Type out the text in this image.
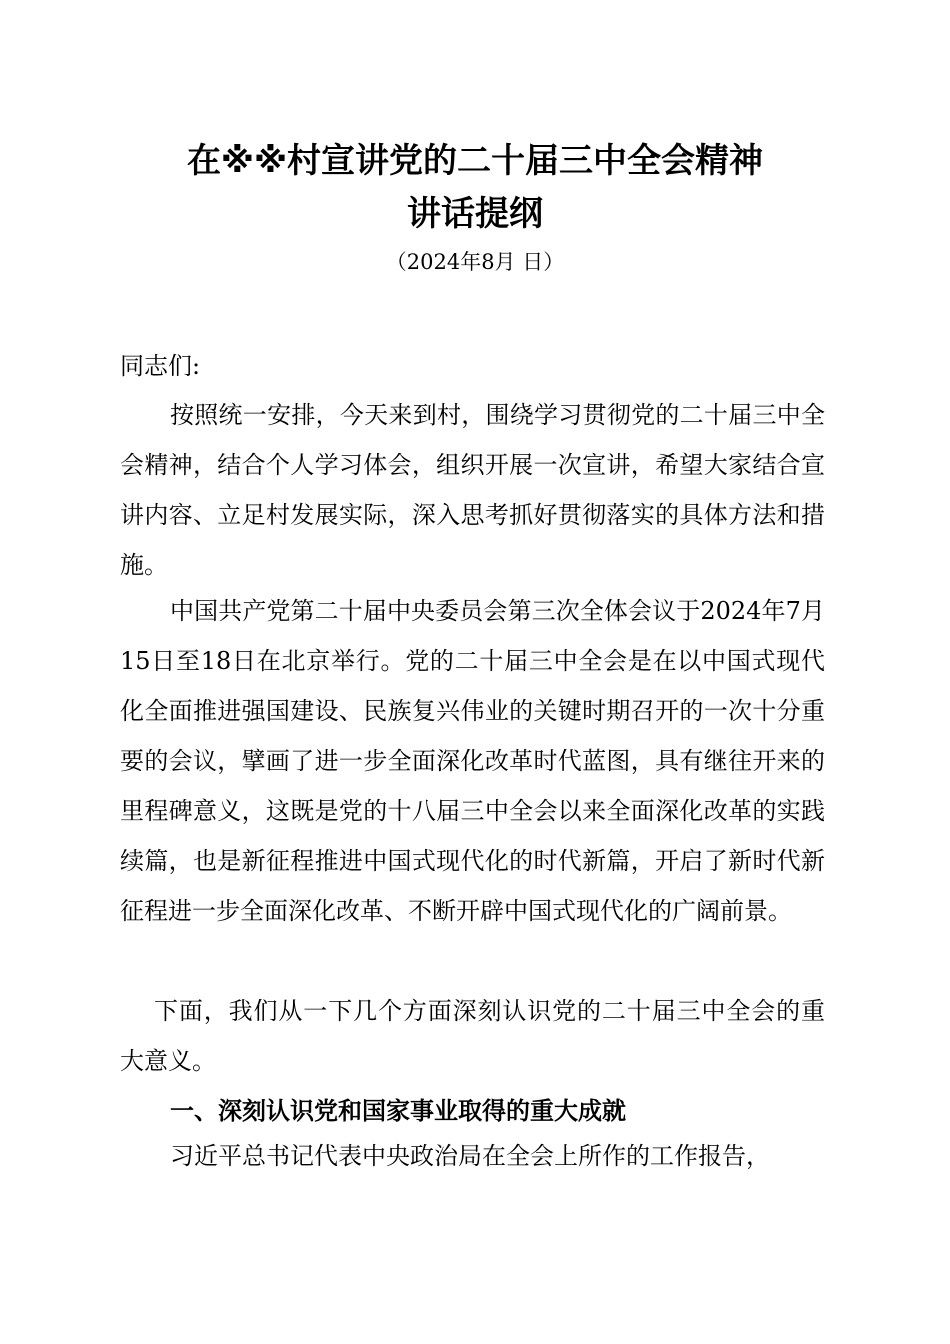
在※※村宣讲党的二十届三中全会精神
讲话提纲
（2024年8月 日）

同志们:

按照统一安排，今天来到村，围绕学习贯彻党的二十届三中全会精神，结合个人学习体会，组织开展一次宣讲，希望大家结合宣讲内容、立足村发展实际，深入思考抓好贯彻落实的具体方法和措施。

中国共产党第二十届中央委员会第三次全体会议于2024年7月15日至18日在北京举行。党的二十届三中全会是在以中国式现代化全面推进强国建设、民族复兴伟业的关键时期召开的一次十分重要的会议，擘画了进一步全面深化改革时代蓝图，具有继往开来的里程碑意义，这既是党的十八届三中全会以来全面深化改革的实践续篇，也是新征程推进中国式现代化的时代新篇，开启了新时代新征程进一步全面深化改革、不断开辟中国式现代化的广阔前景。

下面，我们从一下几个方面深刻认识党的二十届三中全会的重大意义。

一、深刻认识党和国家事业取得的重大成就

习近平总书记代表中央政治局在全会上所作的工作报告，
